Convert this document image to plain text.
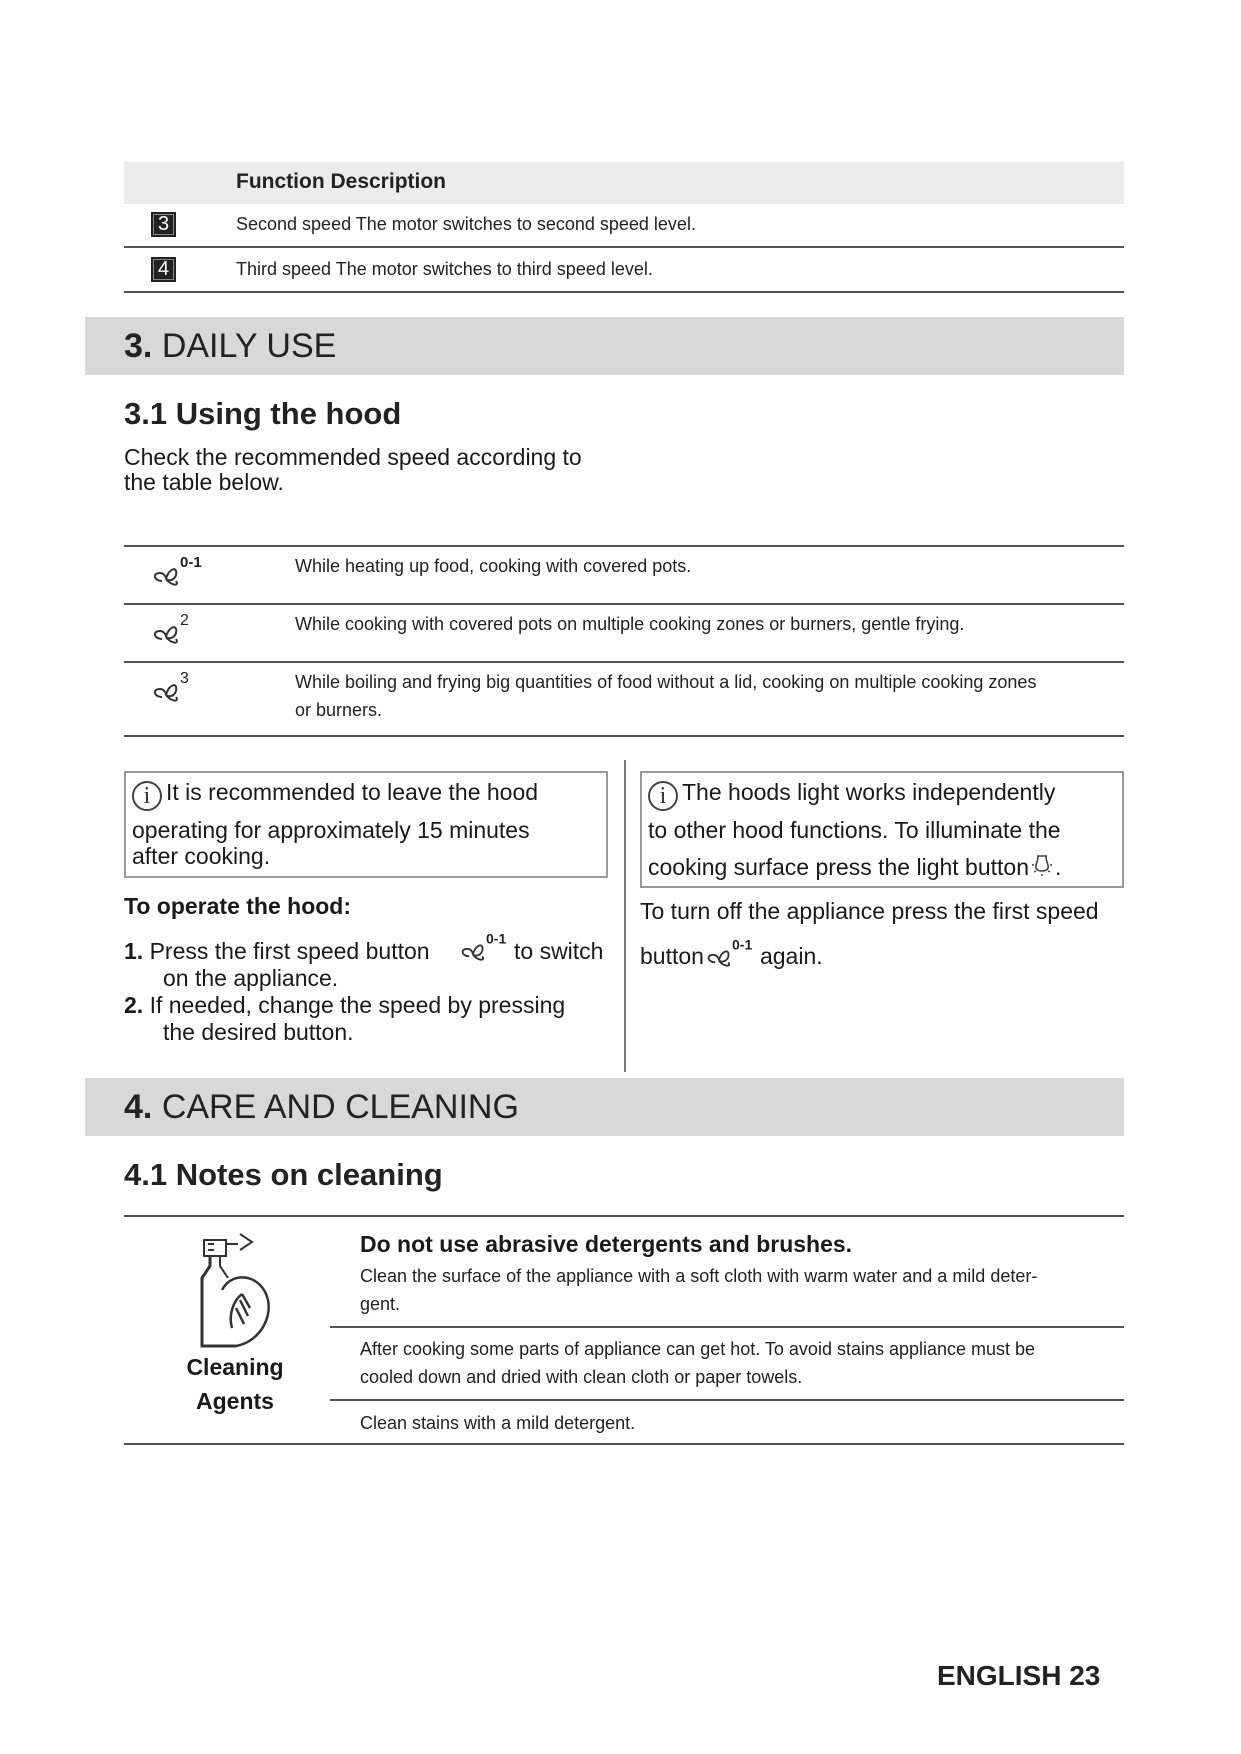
Function Description
3	Second speed The motor switches to second speed level.
4	Third speed The motor switches to third speed level.
3. DAILY USE
3.1 Using the hood
Check the recommended speed according to
the table below.
0-1	While heating up food, cooking with covered pots.
2	While cooking with covered pots on multiple cooking zones or burners, gentle frying.
3	While boiling and frying big quantities of food without a lid, cooking on multiple cooking zones
or burners.
i It is recommended to leave the hood
operating for approximately 15 minutes
after cooking.
i The hoods light works independently
to other hood functions. To illuminate the
cooking surface press the light button .
To operate the hood:
1. Press the first speed button	0-1 to switch
on the appliance.
2. If needed, change the speed by pressing
the desired button.
To turn off the appliance press the first speed
button 0-1 again.
4. CARE AND CLEANING
4.1 Notes on cleaning
Cleaning
Agents
Do not use abrasive detergents and brushes.
Clean the surface of the appliance with a soft cloth with warm water and a mild deter-
gent.
After cooking some parts of appliance can get hot. To avoid stains appliance must be
cooled down and dried with clean cloth or paper towels.
Clean stains with a mild detergent.
ENGLISH 23
